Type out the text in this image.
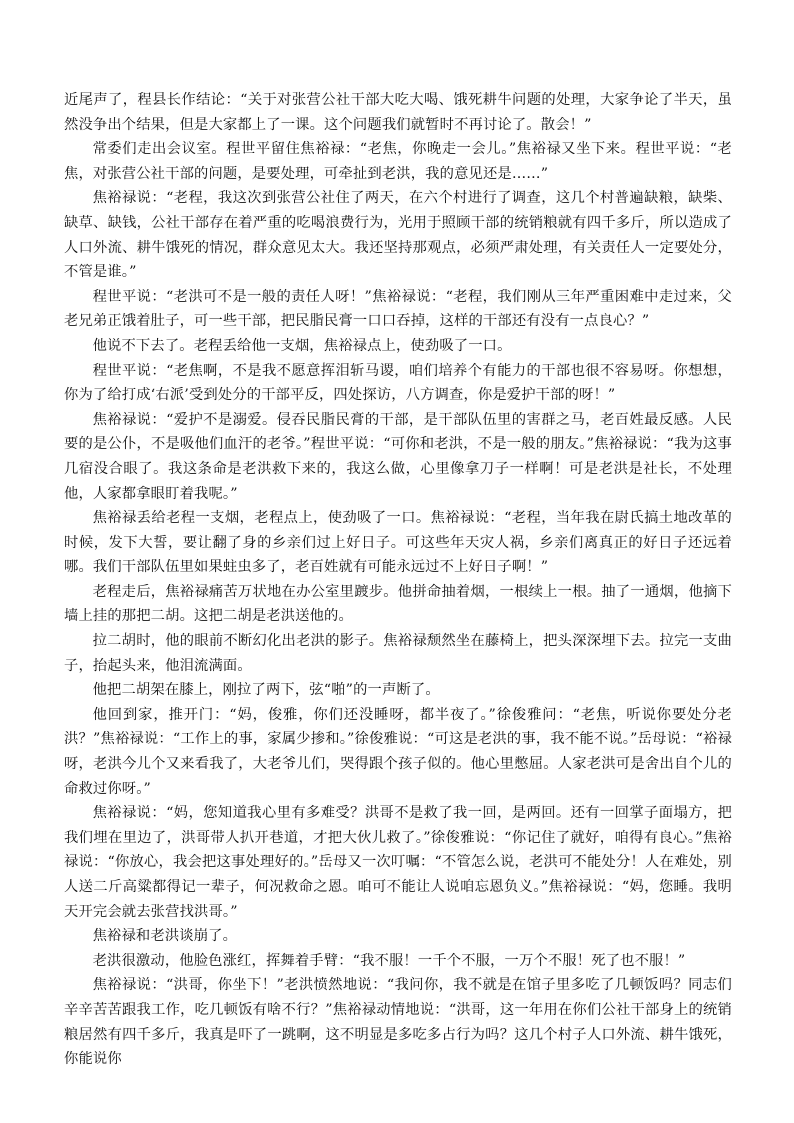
近尾声了，程县长作结论：“关于对张营公社干部大吃大喝、饿死耕牛问题的处理，大家争论了半天，虽然没争出个结果，但是大家都上了一课。这个问题我们就暂时不再讨论了。散会！”

常委们走出会议室。程世平留住焦裕禄：“老焦，你晚走一会儿。”焦裕禄又坐下来。程世平说：“老焦，对张营公社干部的问题，是要处理，可牵扯到老洪，我的意见还是……”

焦裕禄说：“老程，我这次到张营公社住了两天，在六个村进行了调查，这几个村普遍缺粮，缺柴、缺草、缺钱，公社干部存在着严重的吃喝浪费行为，光用于照顾干部的统销粮就有四千多斤，所以造成了人口外流、耕牛饿死的情况，群众意见太大。我还坚持那观点，必须严肃处理，有关责任人一定要处分，不管是谁。”

程世平说：“老洪可不是一般的责任人呀！”焦裕禄说：“老程，我们刚从三年严重困难中走过来，父老兄弟正饿着肚子，可一些干部，把民脂民膏一口口吞掉，这样的干部还有没有一点良心？”

他说不下去了。老程丢给他一支烟，焦裕禄点上，使劲吸了一口。

程世平说：“老焦啊，不是我不愿意挥泪斩马谡，咱们培养个有能力的干部也很不容易呀。你想想，你为了给打成‘右派’受到处分的干部平反，四处探访，八方调查，你是爱护干部的呀！”

焦裕禄说：“爱护不是溺爱。侵吞民脂民膏的干部，是干部队伍里的害群之马，老百姓最反感。人民要的是公仆，不是吸他们血汗的老爷。”程世平说：“可你和老洪，不是一般的朋友。”焦裕禄说：“我为这事几宿没合眼了。我这条命是老洪救下来的，我这么做，心里像拿刀子一样啊！可是老洪是社长，不处理他，人家都拿眼盯着我呢。”

焦裕禄丢给老程一支烟，老程点上，使劲吸了一口。焦裕禄说：“老程，当年我在尉氏搞土地改革的时候，发下大誓，要让翻了身的乡亲们过上好日子。可这些年天灾人祸，乡亲们离真正的好日子还远着哪。我们干部队伍里如果蛀虫多了，老百姓就有可能永远过不上好日子啊！”

老程走后，焦裕禄痛苦万状地在办公室里踱步。他拼命抽着烟，一根续上一根。抽了一通烟，他摘下墙上挂的那把二胡。这把二胡是老洪送他的。

拉二胡时，他的眼前不断幻化出老洪的影子。焦裕禄颓然坐在藤椅上，把头深深埋下去。拉完一支曲子，抬起头来，他泪流满面。

他把二胡架在膝上，刚拉了两下，弦“啪”的一声断了。

他回到家，推开门：“妈，俊雅，你们还没睡呀，都半夜了。”徐俊雅问：“老焦，听说你要处分老洪？”焦裕禄说：“工作上的事，家属少掺和。”徐俊雅说：“可这是老洪的事，我不能不说。”岳母说：“裕禄呀，老洪今儿个又来看我了，大老爷儿们，哭得跟个孩子似的。他心里憋屈。人家老洪可是舍出自个儿的命救过你呀。”

焦裕禄说：“妈，您知道我心里有多难受？洪哥不是救了我一回，是两回。还有一回掌子面塌方，把我们埋在里边了，洪哥带人扒开巷道，才把大伙儿救了。”徐俊雅说：“你记住了就好，咱得有良心。”焦裕禄说：“你放心，我会把这事处理好的。”岳母又一次叮嘱：“不管怎么说，老洪可不能处分！人在难处，别人送二斤高粱都得记一辈子，何况救命之恩。咱可不能让人说咱忘恩负义。”焦裕禄说：“妈，您睡。我明天开完会就去张营找洪哥。”

焦裕禄和老洪谈崩了。

老洪很激动，他脸色涨红，挥舞着手臂：“我不服！一千个不服，一万个不服！死了也不服！”

焦裕禄说：“洪哥，你坐下！”老洪愤然地说：“我问你，我不就是在馆子里多吃了几顿饭吗？同志们辛辛苦苦跟我工作，吃几顿饭有啥不行？”焦裕禄动情地说：“洪哥，这一年用在你们公社干部身上的统销粮居然有四千多斤，我真是吓了一跳啊，这不明显是多吃多占行为吗？这几个村子人口外流、耕牛饿死，你能说你
